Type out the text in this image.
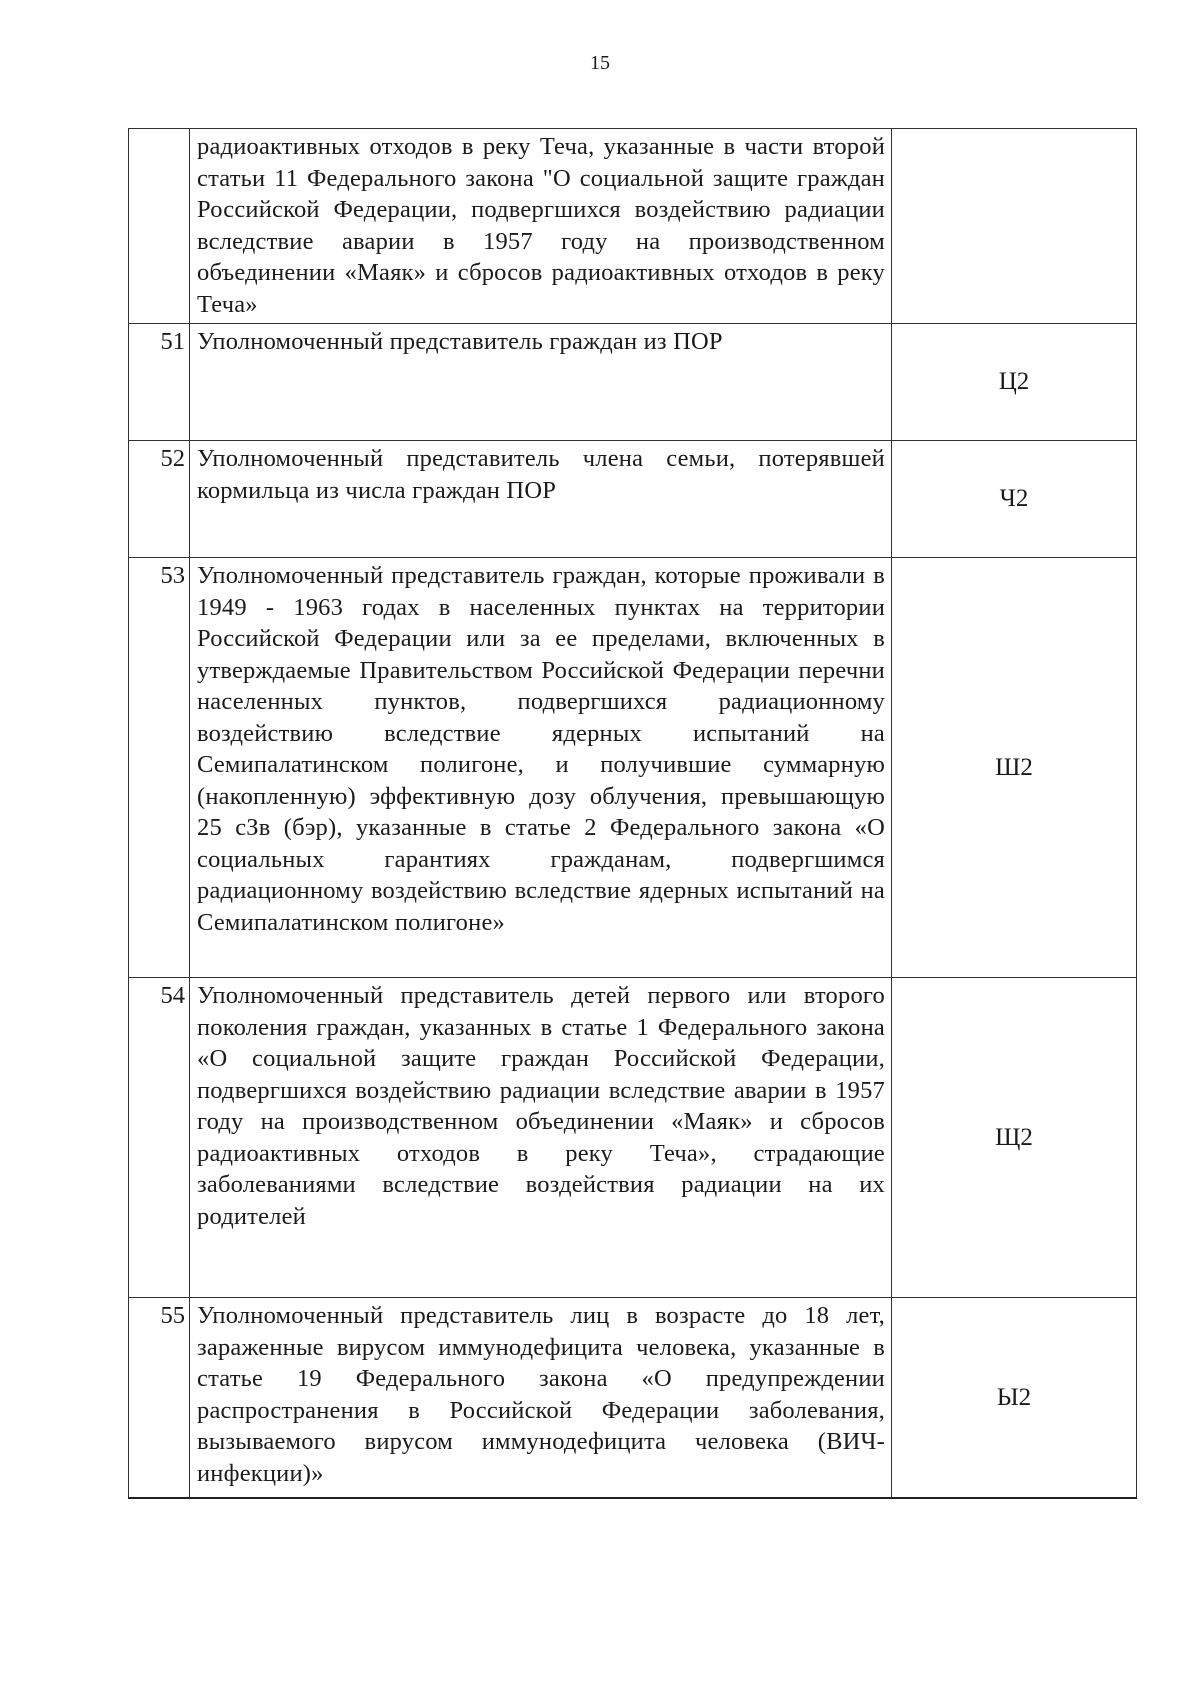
15
	радиоактивных отходов в реку Теча, указанные в части второй статьи 11 Федерального закона "О социальной защите граждан Российской Федерации, подвергшихся воздействию радиации вследствие аварии в 1957 году на производственном объединении «Маяк» и сбросов радиоактивных отходов в реку Теча»	
51	Уполномоченный представитель граждан из ПОР	Ц2
52	Уполномоченный представитель члена семьи, потерявшей кормильца из числа граждан ПОР	Ч2
53	Уполномоченный представитель граждан, которые проживали в 1949 - 1963 годах в населенных пунктах на территории Российской Федерации или за ее пределами, включенных в утверждаемые Правительством Российской Федерации перечни населенных пунктов, подвергшихся радиационному воздействию вследствие ядерных испытаний на Семипалатинском полигоне, и получившие суммарную (накопленную) эффективную дозу облучения, превышающую 25 сЗв (бэр), указанные в статье 2 Федерального закона «О социальных гарантиях гражданам, подвергшимся радиационному воздействию вследствие ядерных испытаний на Семипалатинском полигоне»	Ш2
54	Уполномоченный представитель детей первого или второго поколения граждан, указанных в статье 1 Федерального закона «О социальной защите граждан Российской Федерации, подвергшихся воздействию радиации вследствие аварии в 1957 году на производственном объединении «Маяк» и сбросов радиоактивных отходов в реку Теча», страдающие заболеваниями вследствие воздействия радиации на их родителей	Щ2
55	Уполномоченный представитель лиц в возрасте до 18 лет, зараженные вирусом иммунодефицита человека, указанные в статье 19 Федерального закона «О предупреждении распространения в Российской Федерации заболевания, вызываемого вирусом иммунодефицита человека (ВИЧ-инфекции)»	Ы2
